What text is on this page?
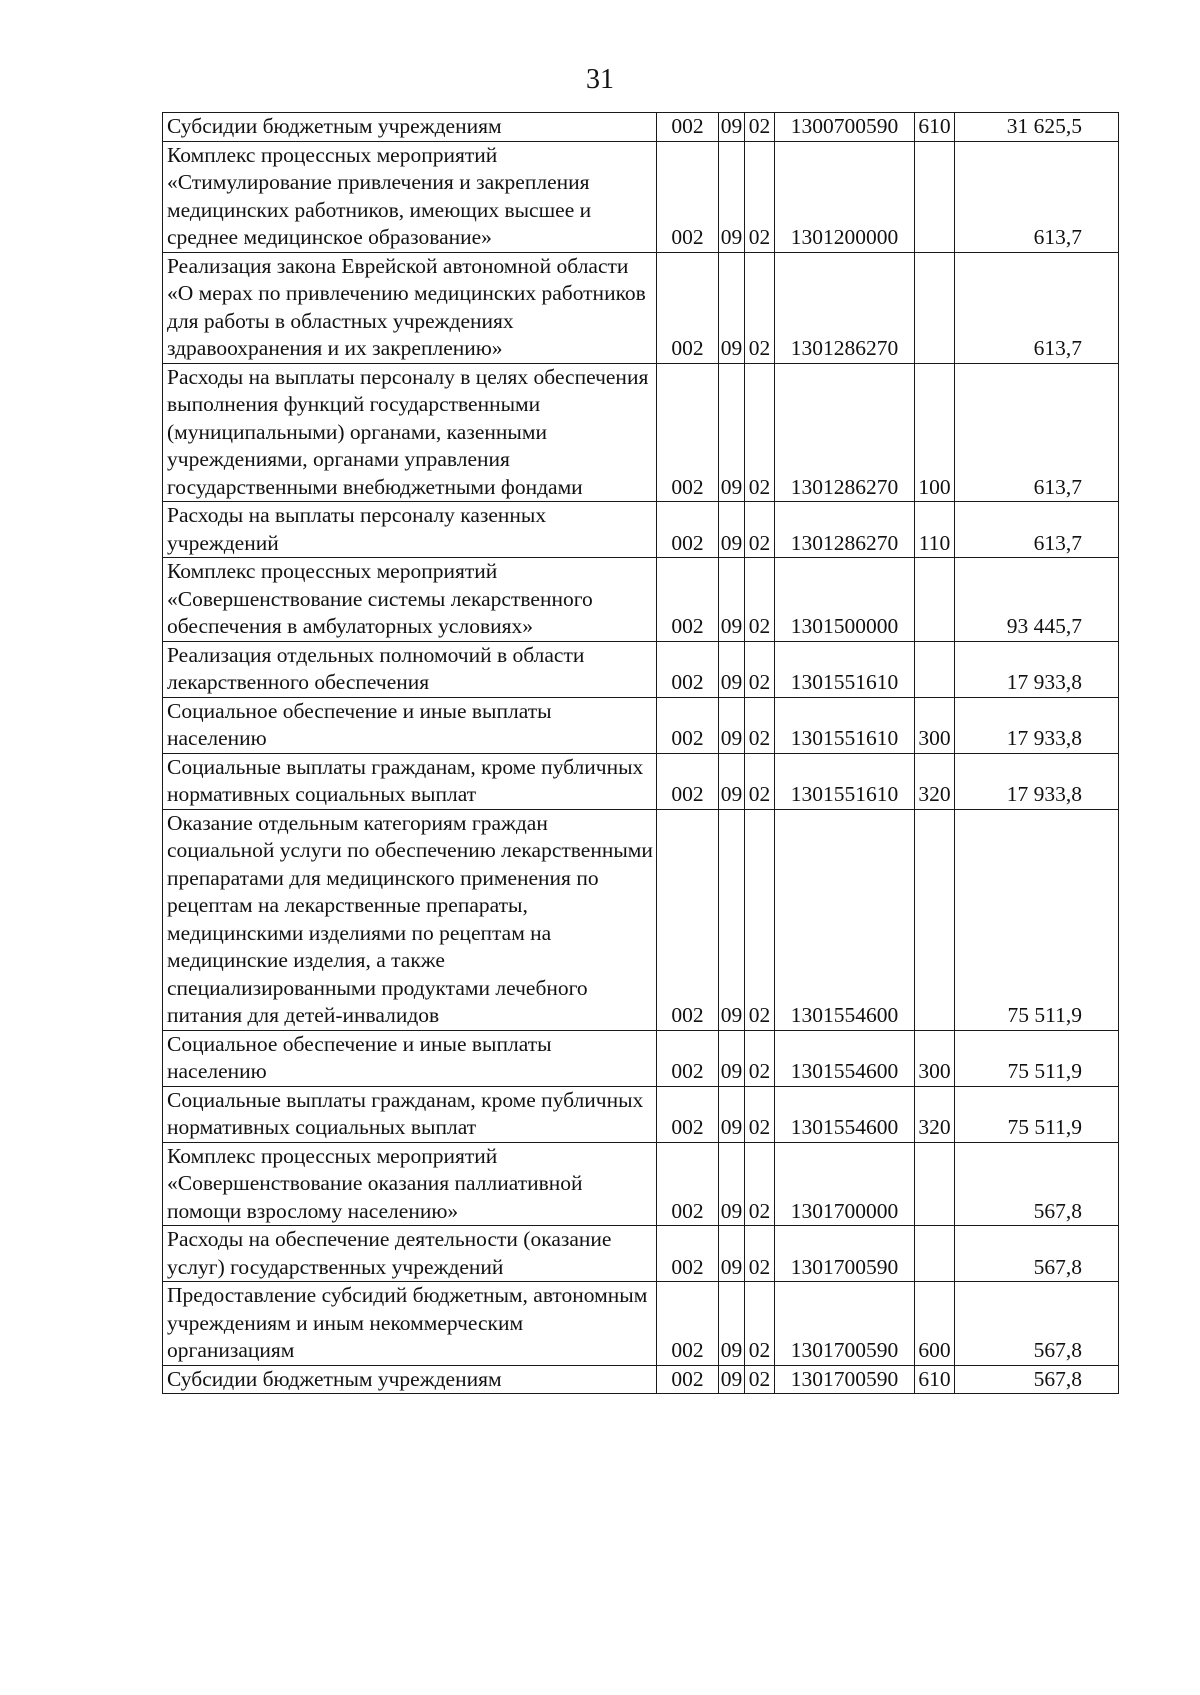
31
Субсидии бюджетным учреждениям	002	09	02	1300700590	610	31 625,5
Комплекс процессных мероприятий «Стимулирование привлечения и закрепления медицинских работников, имеющих высшее и среднее медицинское образование»	002	09	02	1301200000		613,7
Реализация закона Еврейской автономной области «О мерах по привлечению медицинских работников для работы в областных учреждениях здравоохранения и их закреплению»	002	09	02	1301286270		613,7
Расходы на выплаты персоналу в целях обеспечения выполнения функций государственными (муниципальными) органами, казенными учреждениями, органами управления государственными внебюджетными фондами	002	09	02	1301286270	100	613,7
Расходы на выплаты персоналу казенных учреждений	002	09	02	1301286270	110	613,7
Комплекс процессных мероприятий «Совершенствование системы лекарственного обеспечения в амбулаторных условиях»	002	09	02	1301500000		93 445,7
Реализация отдельных полномочий в области лекарственного обеспечения	002	09	02	1301551610		17 933,8
Социальное обеспечение и иные выплаты населению	002	09	02	1301551610	300	17 933,8
Социальные выплаты гражданам, кроме публичных нормативных социальных выплат	002	09	02	1301551610	320	17 933,8
Оказание отдельным категориям граждан социальной услуги по обеспечению лекарственными препаратами для медицинского применения по рецептам на лекарственные препараты, медицинскими изделиями по рецептам на медицинские изделия, а также специализированными продуктами лечебного питания для детей-инвалидов	002	09	02	1301554600		75 511,9
Социальное обеспечение и иные выплаты населению	002	09	02	1301554600	300	75 511,9
Социальные выплаты гражданам, кроме публичных нормативных социальных выплат	002	09	02	1301554600	320	75 511,9
Комплекс процессных мероприятий «Совершенствование оказания паллиативной помощи взрослому населению»	002	09	02	1301700000		567,8
Расходы на обеспечение деятельности (оказание услуг) государственных учреждений	002	09	02	1301700590		567,8
Предоставление субсидий бюджетным, автономным учреждениям и иным некоммерческим организациям	002	09	02	1301700590	600	567,8
Субсидии бюджетным учреждениям	002	09	02	1301700590	610	567,8
